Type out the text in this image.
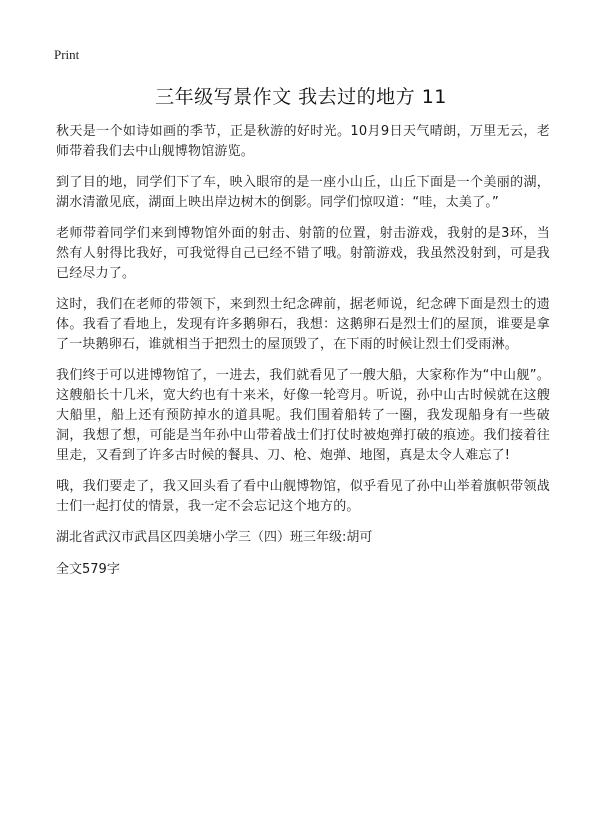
Print
三年级写景作文 我去过的地方 11

秋天是一个如诗如画的季节，正是秋游的好时光。10月9日天气晴朗，万里无云，老师带着我们去中山舰博物馆游览。

到了目的地，同学们下了车，映入眼帘的是一座小山丘，山丘下面是一个美丽的湖，湖水清澈见底，湖面上映出岸边树木的倒影。同学们惊叹道：“哇，太美了。”

老师带着同学们来到博物馆外面的射击、射箭的位置，射击游戏，我射的是3环，当然有人射得比我好，可我觉得自己已经不错了哦。射箭游戏，我虽然没射到，可是我已经尽力了。

这时，我们在老师的带领下，来到烈士纪念碑前，据老师说，纪念碑下面是烈士的遗体。我看了看地上，发现有许多鹅卵石，我想：这鹅卵石是烈士们的屋顶，谁要是拿了一块鹅卵石，谁就相当于把烈士的屋顶毁了，在下雨的时候让烈士们受雨淋。

我们终于可以进博物馆了，一进去，我们就看见了一艘大船，大家称作为“中山舰”。这艘船长十几米，宽大约也有十来米，好像一轮弯月。听说，孙中山古时候就在这艘大船里，船上还有预防掉水的道具呢。我们围着船转了一圈，我发现船身有一些破洞，我想了想，可能是当年孙中山带着战士们打仗时被炮弹打破的痕迹。我们接着往里走，又看到了许多古时候的餐具、刀、枪、炮弹、地图，真是太令人难忘了!

哦，我们要走了，我又回头看了看中山舰博物馆，似乎看见了孙中山举着旗帜带领战士们一起打仗的情景，我一定不会忘记这个地方的。

湖北省武汉市武昌区四美塘小学三（四）班三年级:胡可

全文579字
